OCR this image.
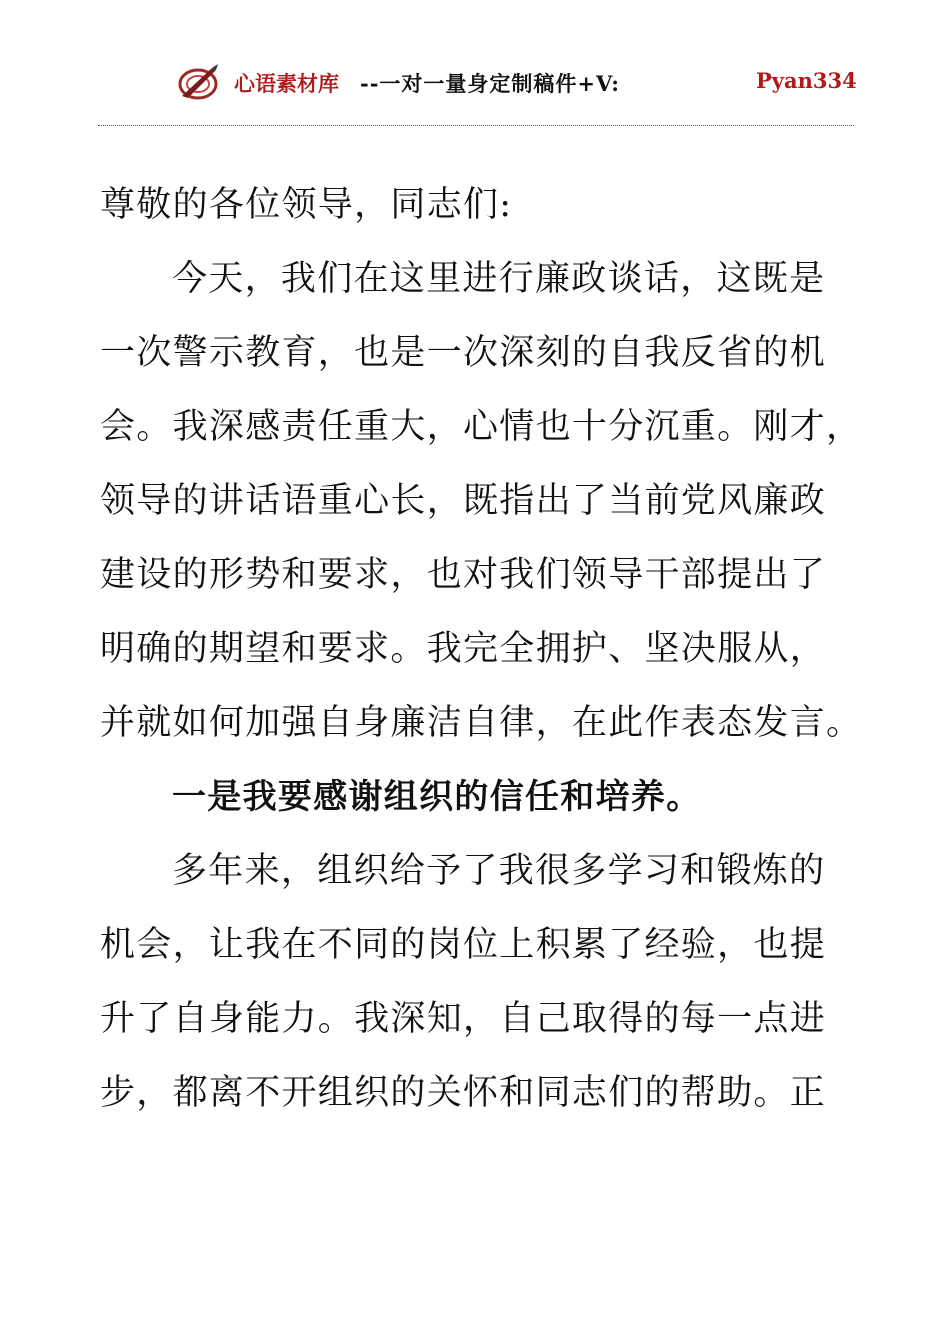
心语素材库 --一对一量身定制稿件+V:	Pyan334
尊敬的各位领导，同志们:
今天，我们在这里进行廉政谈话，这既是
一次警示教育，也是一次深刻的自我反省的机
会。我深感责任重大，心情也十分沉重。刚才，
领导的讲话语重心长，既指出了当前党风廉政
建设的形势和要求，也对我们领导干部提出了
明确的期望和要求。我完全拥护、坚决服从，
并就如何加强自身廉洁自律，在此作表态发言。
一是我要感谢组织的信任和培养。
多年来，组织给予了我很多学习和锻炼的
机会，让我在不同的岗位上积累了经验，也提
升了自身能力。我深知，自己取得的每一点进
步，都离不开组织的关怀和同志们的帮助。正
